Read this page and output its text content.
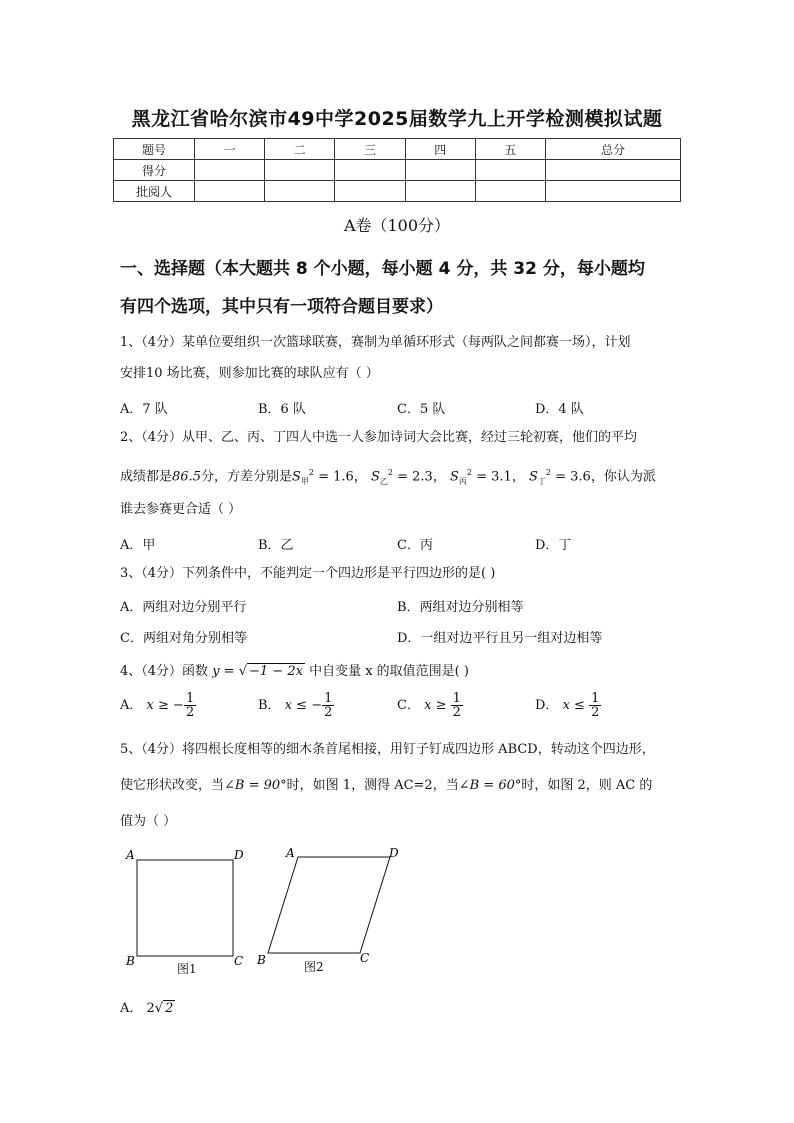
黑龙江省哈尔滨市49中学2025届数学九上开学检测模拟试题
题号	一	二	三	四	五	总分
得分						
批阅人						
A卷（100分）
一、选择题（本大题共 8 个小题，每小题 4 分，共 32 分，每小题均
有四个选项，其中只有一项符合题目要求）
1、（4分）某单位要组织一次篮球联赛，赛制为单循环形式（每两队之间都赛一场），计划
安排10 场比赛，则参加比赛的球队应有（ ）
A．7 队	B．6 队	C．5 队	D．4 队
2、（4分）从甲、乙、丙、丁四人中选一人参加诗词大会比赛，经过三轮初赛，他们的平均
成绩都是86.5分，方差分别是$S_甲^2 = 1.6$， $S_乙^2 = 2.3$， $S_丙^2 = 3.1$， $S_丁^2 = 3.6$，你认为派
谁去参赛更合适（ ）
A．甲	B．乙	C．丙	D．丁
3、（4分）下列条件中，不能判定一个四边形是平行四边形的是( )
A．两组对边分别平行	B．两组对边分别相等
C．两组对角分别相等	D．一组对边平行且另一组对边相等
4、（4分）函数 y = √ −1 − 2x 中自变量 x 的取值范围是( )
A． x ≥ − $\frac{1}{2}$	B． x ≤ − $\frac{1}{2}$	C． $x \ge \frac{1}{2}$	D． $x \le \frac{1}{2}$
5、（4分）将四根长度相等的细木条首尾相接，用钉子钉成四边形 ABCD，转动这个四边形，
使它形状改变，当∠B = 90°时，如图 1，测得 AC=2，当∠B = 60°时，如图 2，则 AC 的
值为（ ）
A	D
B	C
A	D
B	C
图1	图2
A． 2√ 2
